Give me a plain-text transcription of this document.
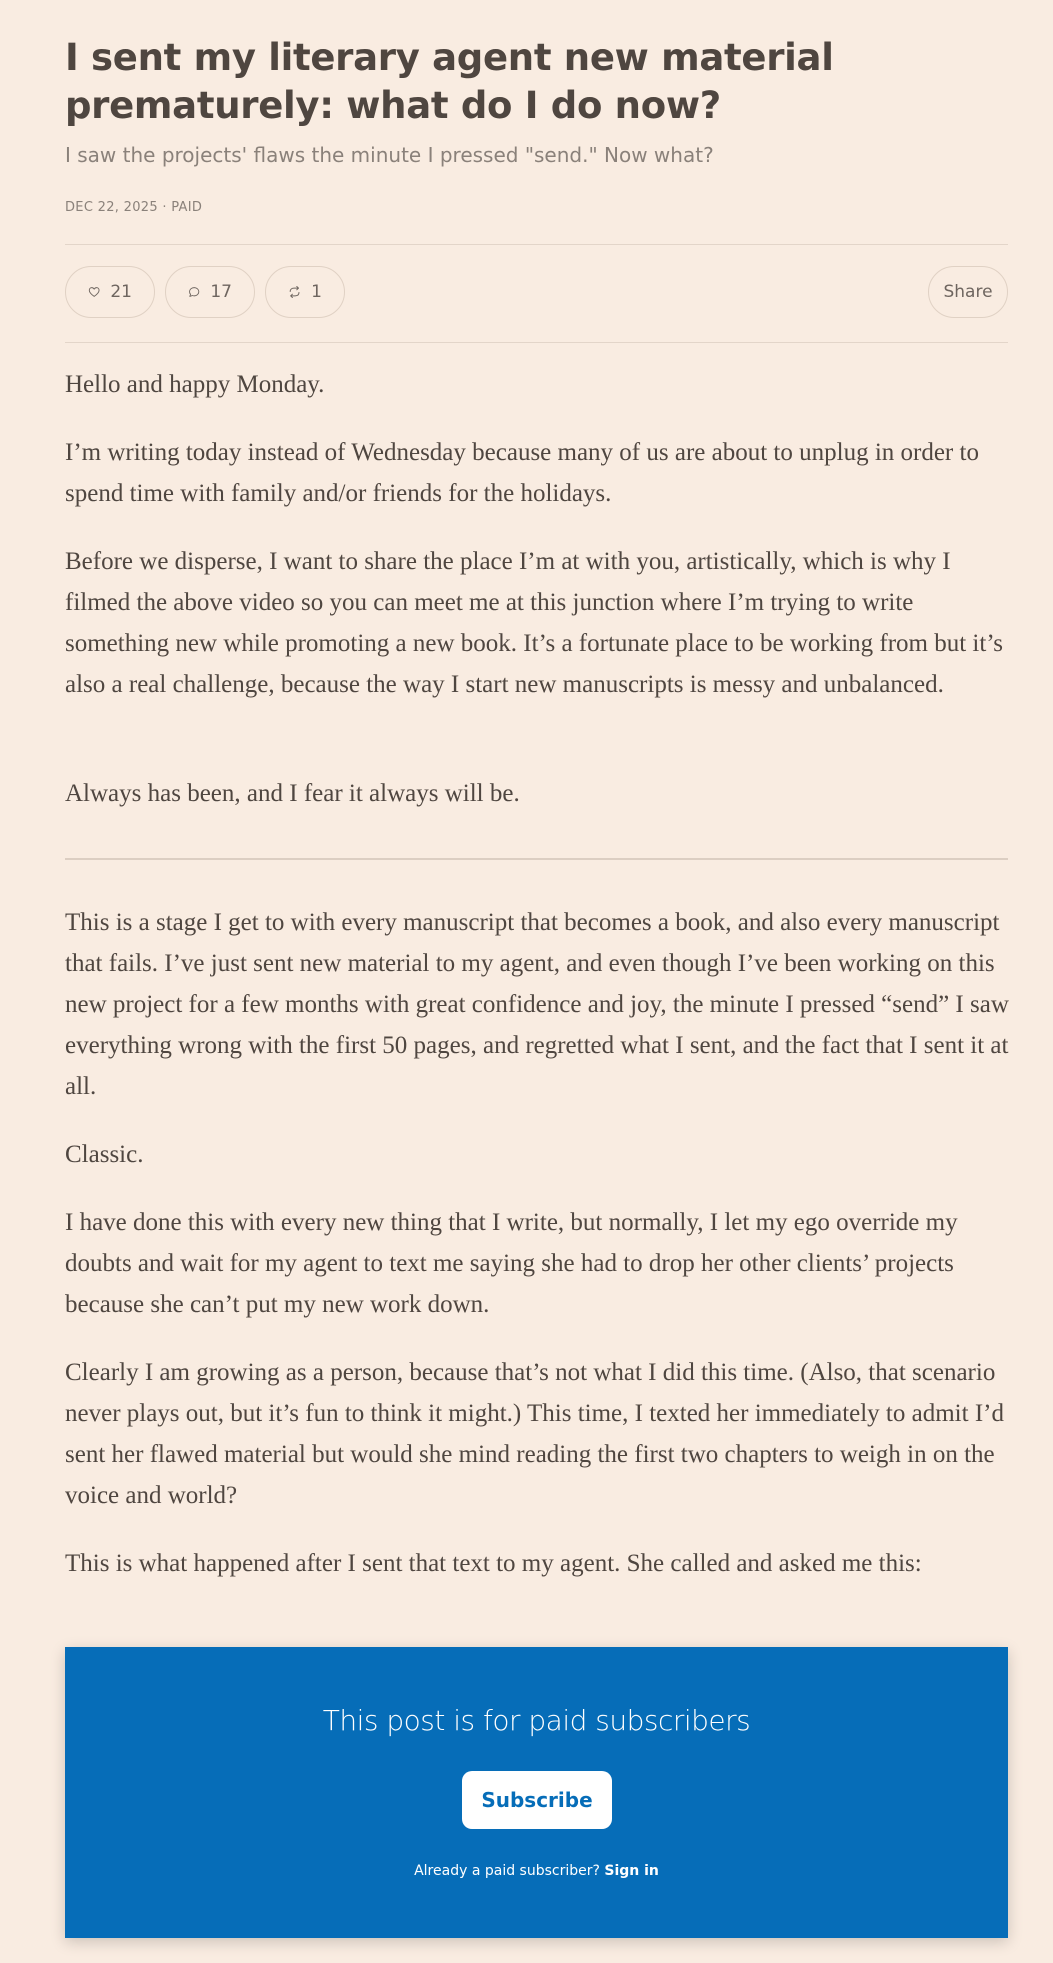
I sent my literary agent new material prematurely: what do I do now?
I saw the projects' flaws the minute I pressed "send." Now what?
DEC 22, 2025 · PAID
21	17	1	Share

Hello and happy Monday.

I’m writing today instead of Wednesday because many of us are about to unplug in order to spend time with family and/or friends for the holidays.

Before we disperse, I want to share the place I’m at with you, artistically, which is why I filmed the above video so you can meet me at this junction where I’m trying to write something new while promoting a new book. It’s a fortunate place to be working from but it’s also a real challenge, because the way I start new manuscripts is messy and unbalanced.

Always has been, and I fear it always will be.

This is a stage I get to with every manuscript that becomes a book, and also every manuscript that fails. I’ve just sent new material to my agent, and even though I’ve been working on this new project for a few months with great confidence and joy, the minute I pressed “send” I saw everything wrong with the first 50 pages, and regretted what I sent, and the fact that I sent it at all.

Classic.

I have done this with every new thing that I write, but normally, I let my ego override my doubts and wait for my agent to text me saying she had to drop her other clients’ projects because she can’t put my new work down.

Clearly I am growing as a person, because that’s not what I did this time. (Also, that scenario never plays out, but it’s fun to think it might.) This time, I texted her immediately to admit I’d sent her flawed material but would she mind reading the first two chapters to weigh in on the voice and world?

This is what happened after I sent that text to my agent. She called and asked me this:

This post is for paid subscribers
Subscribe
Already a paid subscriber? Sign in
